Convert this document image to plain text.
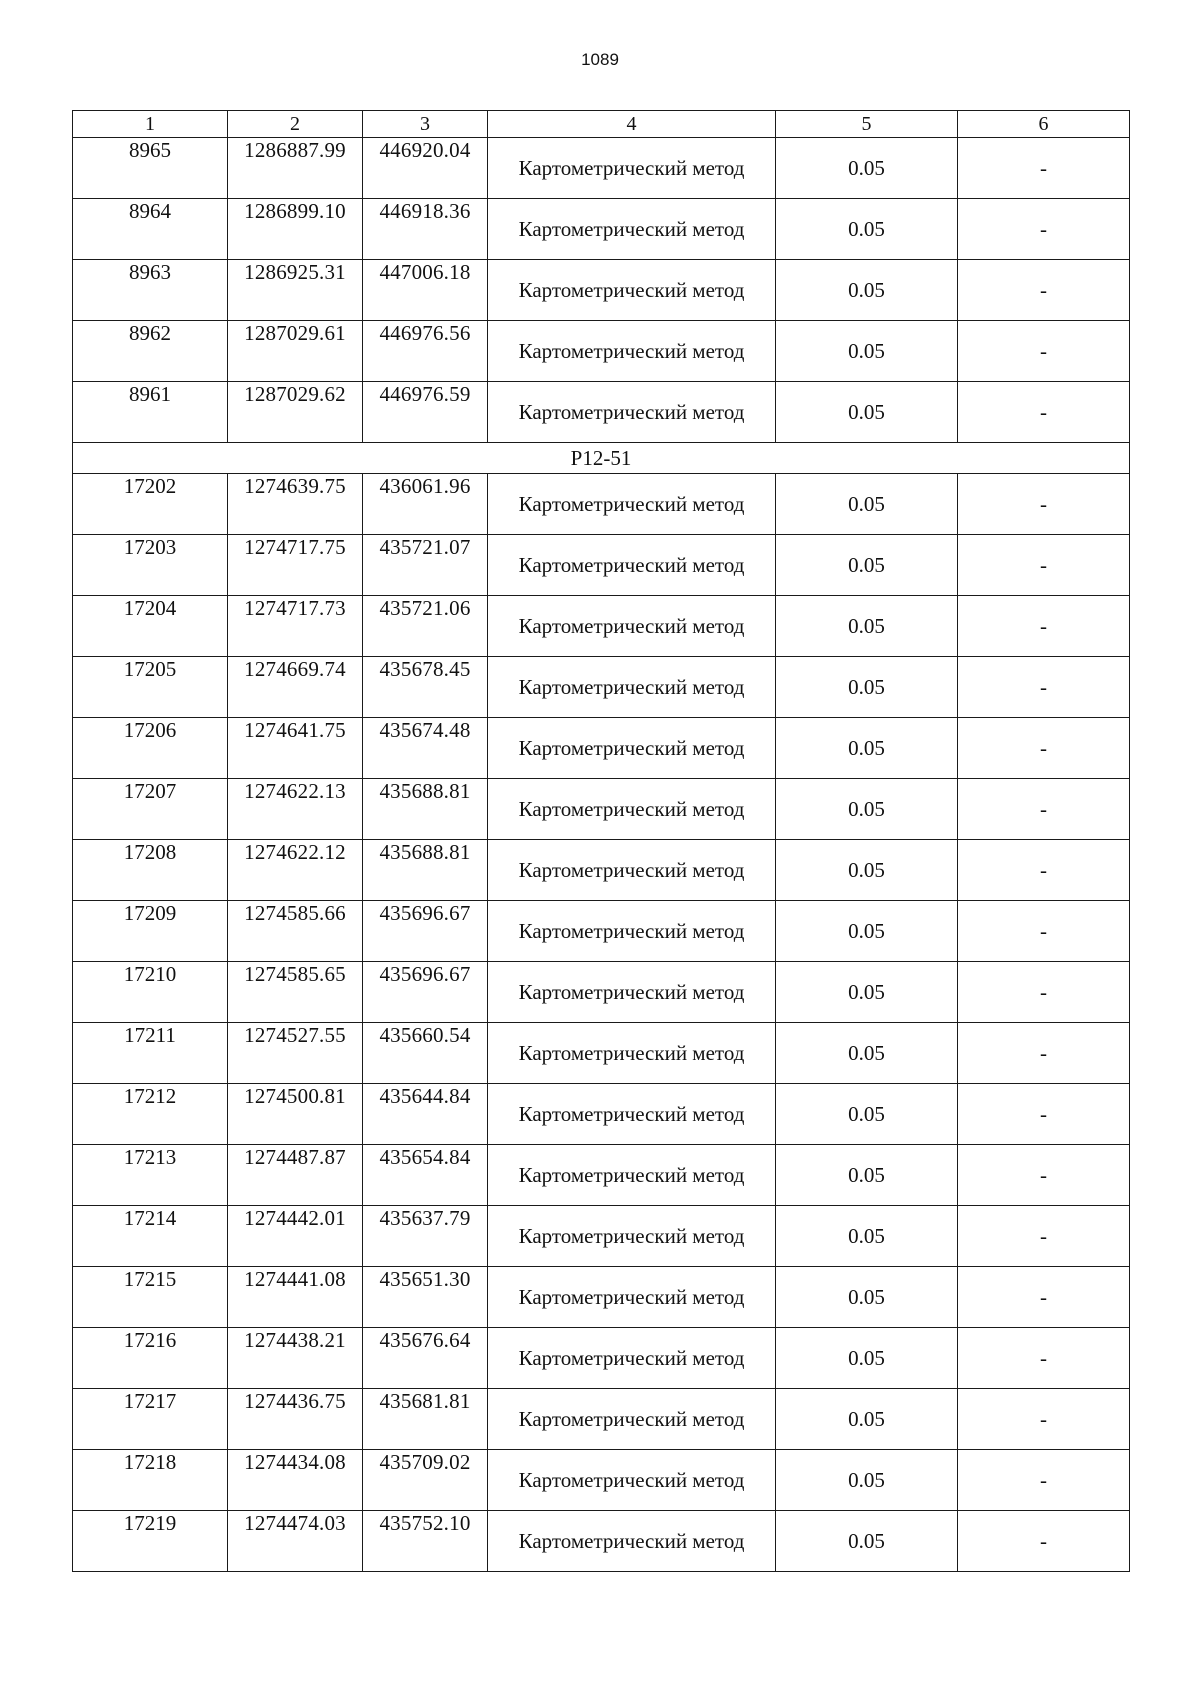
1089
1	2	3	4	5	6
8965	1286887.99	446920.04	Картометрический метод	0.05	-
8964	1286899.10	446918.36	Картометрический метод	0.05	-
8963	1286925.31	447006.18	Картометрический метод	0.05	-
8962	1287029.61	446976.56	Картометрический метод	0.05	-
8961	1287029.62	446976.59	Картометрический метод	0.05	-
Р12-51					
17202	1274639.75	436061.96	Картометрический метод	0.05	-
17203	1274717.75	435721.07	Картометрический метод	0.05	-
17204	1274717.73	435721.06	Картометрический метод	0.05	-
17205	1274669.74	435678.45	Картометрический метод	0.05	-
17206	1274641.75	435674.48	Картометрический метод	0.05	-
17207	1274622.13	435688.81	Картометрический метод	0.05	-
17208	1274622.12	435688.81	Картометрический метод	0.05	-
17209	1274585.66	435696.67	Картометрический метод	0.05	-
17210	1274585.65	435696.67	Картометрический метод	0.05	-
17211	1274527.55	435660.54	Картометрический метод	0.05	-
17212	1274500.81	435644.84	Картометрический метод	0.05	-
17213	1274487.87	435654.84	Картометрический метод	0.05	-
17214	1274442.01	435637.79	Картометрический метод	0.05	-
17215	1274441.08	435651.30	Картометрический метод	0.05	-
17216	1274438.21	435676.64	Картометрический метод	0.05	-
17217	1274436.75	435681.81	Картометрический метод	0.05	-
17218	1274434.08	435709.02	Картометрический метод	0.05	-
17219	1274474.03	435752.10	Картометрический метод	0.05	-
